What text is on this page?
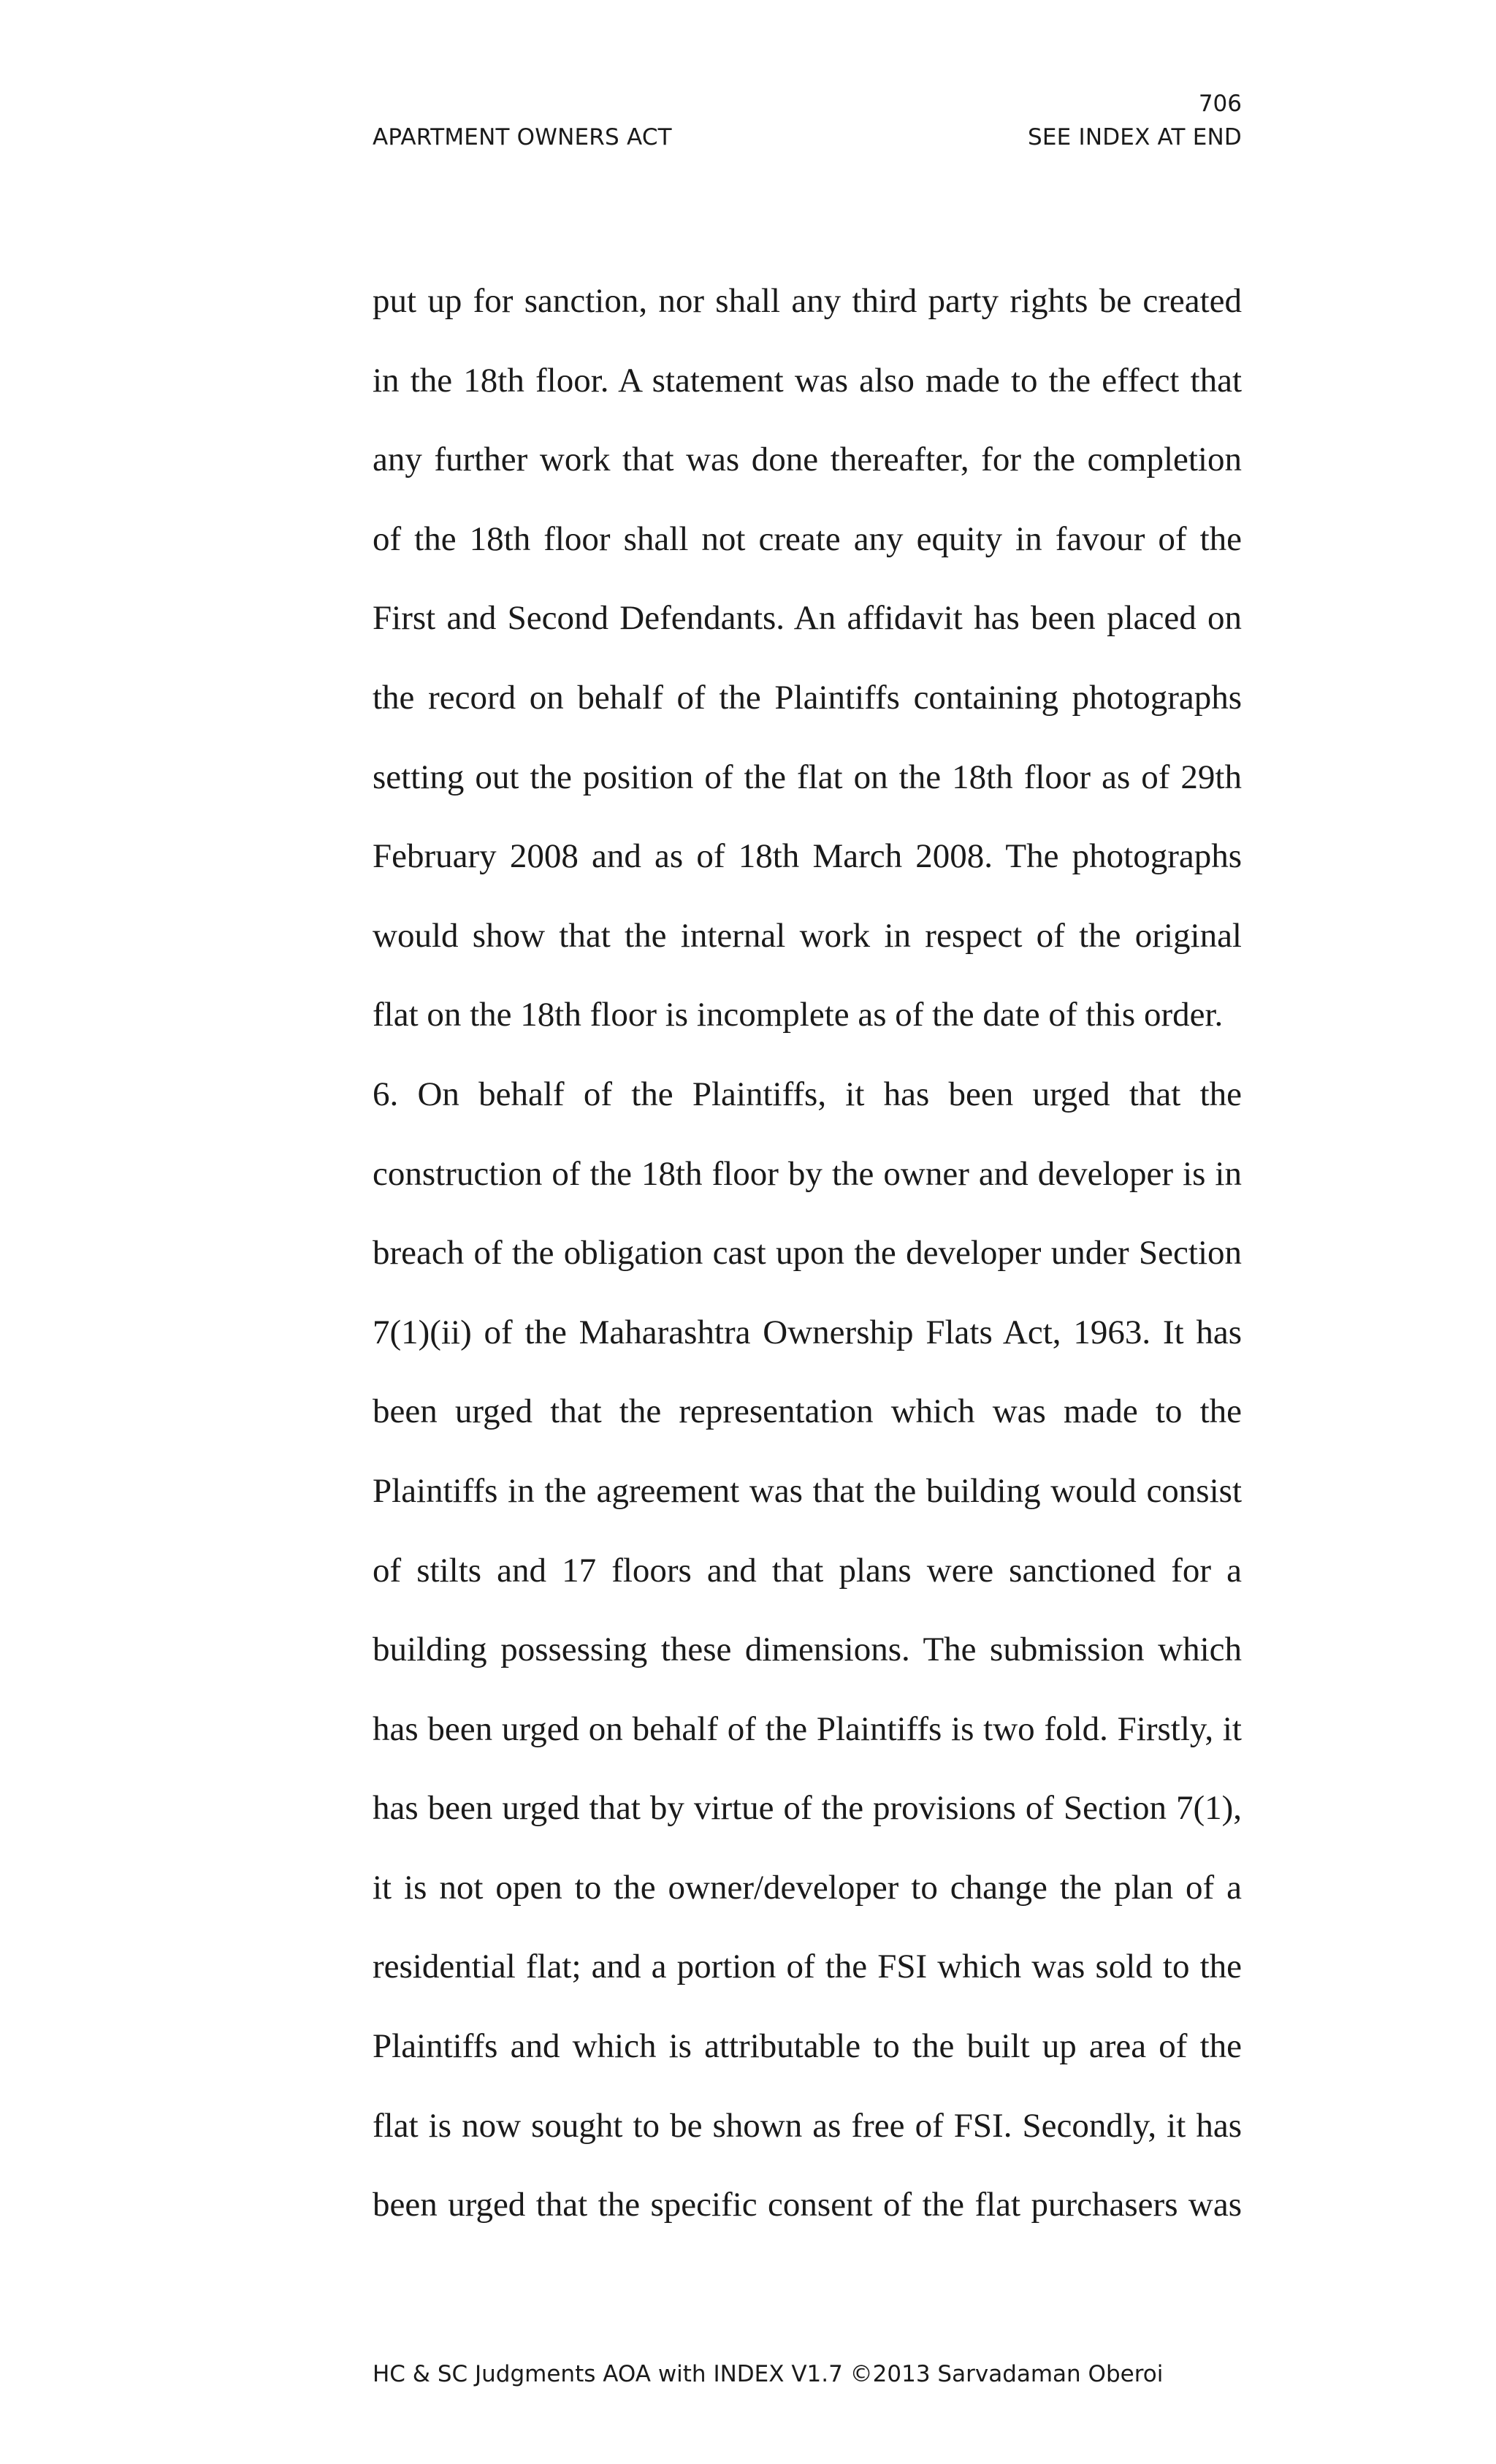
706
APARTMENT OWNERS ACT	SEE INDEX AT END
put up for sanction, nor shall any third party rights be created
in the 18th floor. A statement was also made to the effect that
any further work that was done thereafter, for the completion
of the 18th floor shall not create any equity in favour of the
First and Second Defendants. An affidavit has been placed on
the record on behalf of the Plaintiffs containing photographs
setting out the position of the flat on the 18th floor as of 29th
February 2008 and as of 18th March 2008. The photographs
would show that the internal work in respect of the original
flat on the 18th floor is incomplete as of the date of this order.
6. On behalf of the Plaintiffs, it has been urged that the
construction of the 18th floor by the owner and developer is in
breach of the obligation cast upon the developer under Section
7(1)(ii) of the Maharashtra Ownership Flats Act, 1963. It has
been urged that the representation which was made to the
Plaintiffs in the agreement was that the building would consist
of stilts and 17 floors and that plans were sanctioned for a
building possessing these dimensions. The submission which
has been urged on behalf of the Plaintiffs is two fold. Firstly, it
has been urged that by virtue of the provisions of Section 7(1),
it is not open to the owner/developer to change the plan of a
residential flat; and a portion of the FSI which was sold to the
Plaintiffs and which is attributable to the built up area of the
flat is now sought to be shown as free of FSI. Secondly, it has
been urged that the specific consent of the flat purchasers was
HC & SC Judgments AOA with INDEX V1.7 ©2013 Sarvadaman Oberoi
